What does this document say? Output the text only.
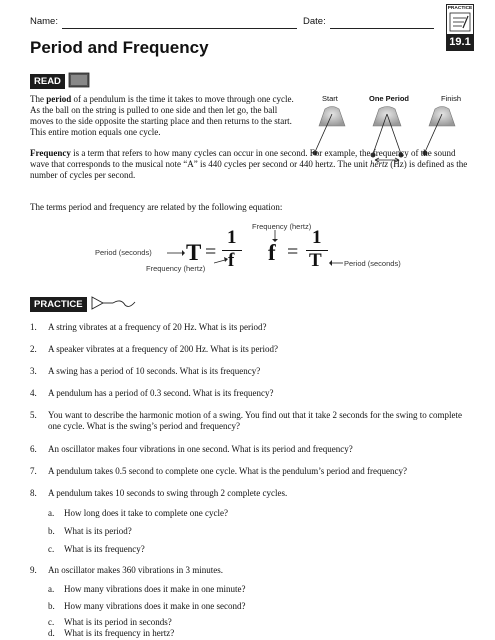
Name:	Date:
PRACTICE
19.1
Period and Frequency
READ

The period of a pendulum is the time it takes to move through one cycle. As the ball on the string is pulled to one side and then let go, the ball moves to the side opposite the starting place and then returns to the start. This entire motion equals one cycle.

Start	One Period	Finish

Frequency is a term that refers to how many cycles can occur in one second. For example, the frequency of the sound wave that corresponds to the musical note “A” is 440 cycles per second or 440 hertz. The unit hertz (Hz) is defined as the number of cycles per second.

The terms period and frequency are related by the following equation:

Period (seconds) T =
1
f
Frequency (hertz)
Frequency (hertz)
f =
1
T	Period (seconds)
PRACTICE
1.	A string vibrates at a frequency of 20 Hz. What is its period?
2.	A speaker vibrates at a frequency of 200 Hz. What is its period?
3.	A swing has a period of 10 seconds. What is its frequency?
4.	A pendulum has a period of 0.3 second. What is its frequency?
5.	You want to describe the harmonic motion of a swing. You find out that it take 2 seconds for the swing to complete one cycle. What is the swing’s period and frequency?
6.	An oscillator makes four vibrations in one second. What is its period and frequency?
7.	A pendulum takes 0.5 second to complete one cycle. What is the pendulum’s period and frequency?
8.	A pendulum takes 10 seconds to swing through 2 complete cycles.
a.	How long does it take to complete one cycle?
b.	What is its period?
c.	What is its frequency?
9.	An oscillator makes 360 vibrations in 3 minutes.
a.	How many vibrations does it make in one minute?
b.	How many vibrations does it make in one second?
c.	What is its period in seconds?
d.	What is its frequency in hertz?
